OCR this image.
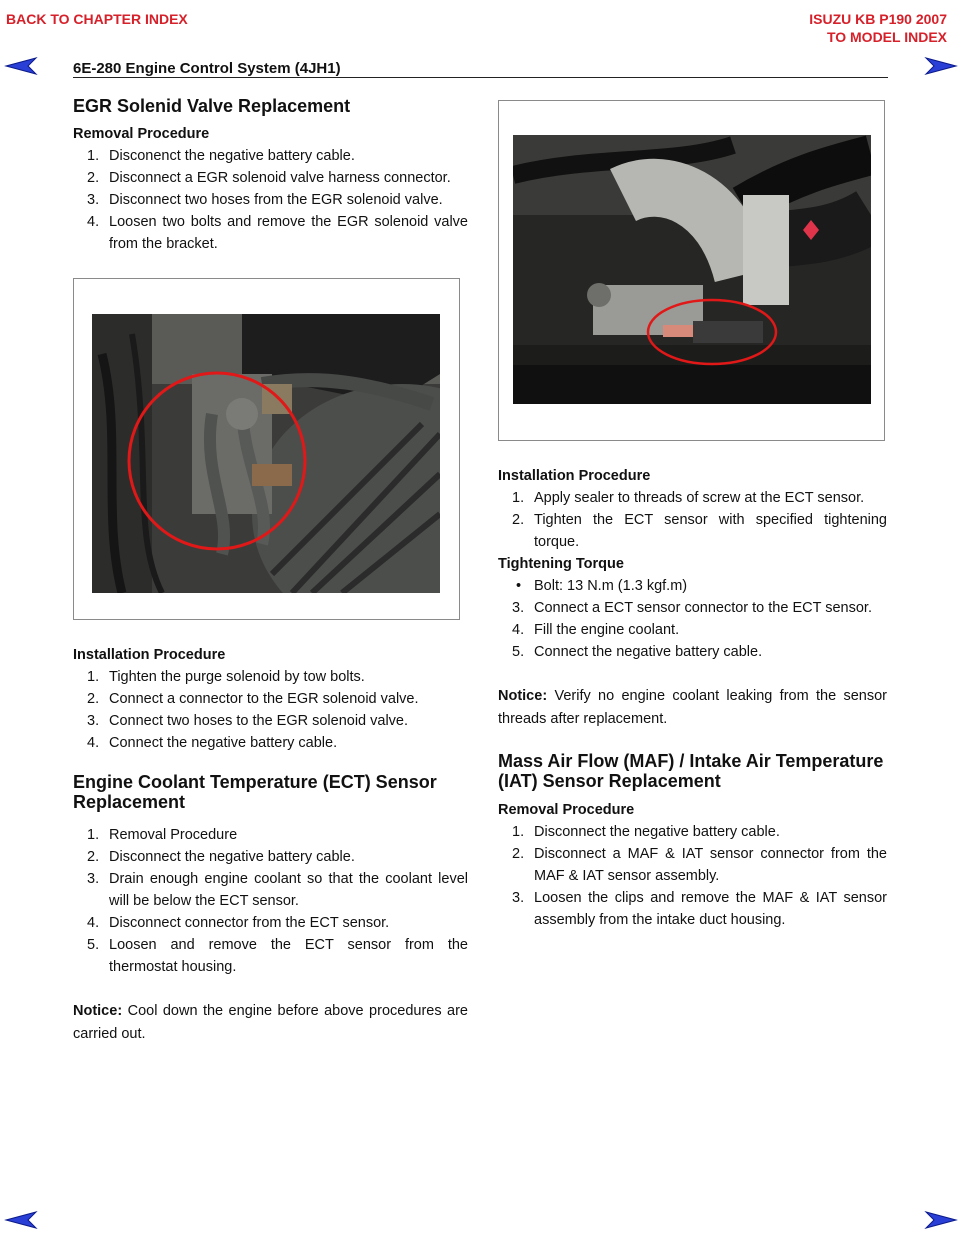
BACK TO CHAPTER INDEX	ISUZU KB P190 2007
TO MODEL INDEX
6E-280 Engine Control System (4JH1)
EGR Solenid Valve Replacement
Removal Procedure
1. Disconenct the negative battery cable.
2. Disconnect a EGR solenoid valve harness connector.
3. Disconnect two hoses from the EGR solenoid valve.
4. Loosen two bolts and remove the EGR solenoid valve from the bracket.
Installation Procedure
1. Tighten the purge solenoid by tow bolts.
2. Connect a connector to the EGR solenoid valve.
3. Connect two hoses to the EGR solenoid valve.
4. Connect the negative battery cable.
Engine Coolant Temperature (ECT) Sensor Replacement
1. Removal Procedure
2. Disconnect the negative battery cable.
3. Drain enough engine coolant so that the coolant level will be below the ECT sensor.
4. Disconnect connector from the ECT sensor.
5. Loosen and remove the ECT sensor from the thermostat housing.

Notice: Cool down the engine before above procedures are carried out.

Installation Procedure
1. Apply sealer to threads of screw at the ECT sensor.
2. Tighten the ECT sensor with specified tightening torque.
Tightening Torque
• Bolt: 13 N.m (1.3 kgf.m)
3. Connect a ECT sensor connector to the ECT sensor.
4. Fill the engine coolant.
5. Connect the negative battery cable.

Notice: Verify no engine coolant leaking from the sensor threads after replacement.

Mass Air Flow (MAF) / Intake Air Temperature (IAT) Sensor Replacement
Removal Procedure
1. Disconnect the negative battery cable.
2. Disconnect a MAF & IAT sensor connector from the MAF & IAT sensor assembly.
3. Loosen the clips and remove the MAF & IAT sensor assembly from the intake duct housing.
